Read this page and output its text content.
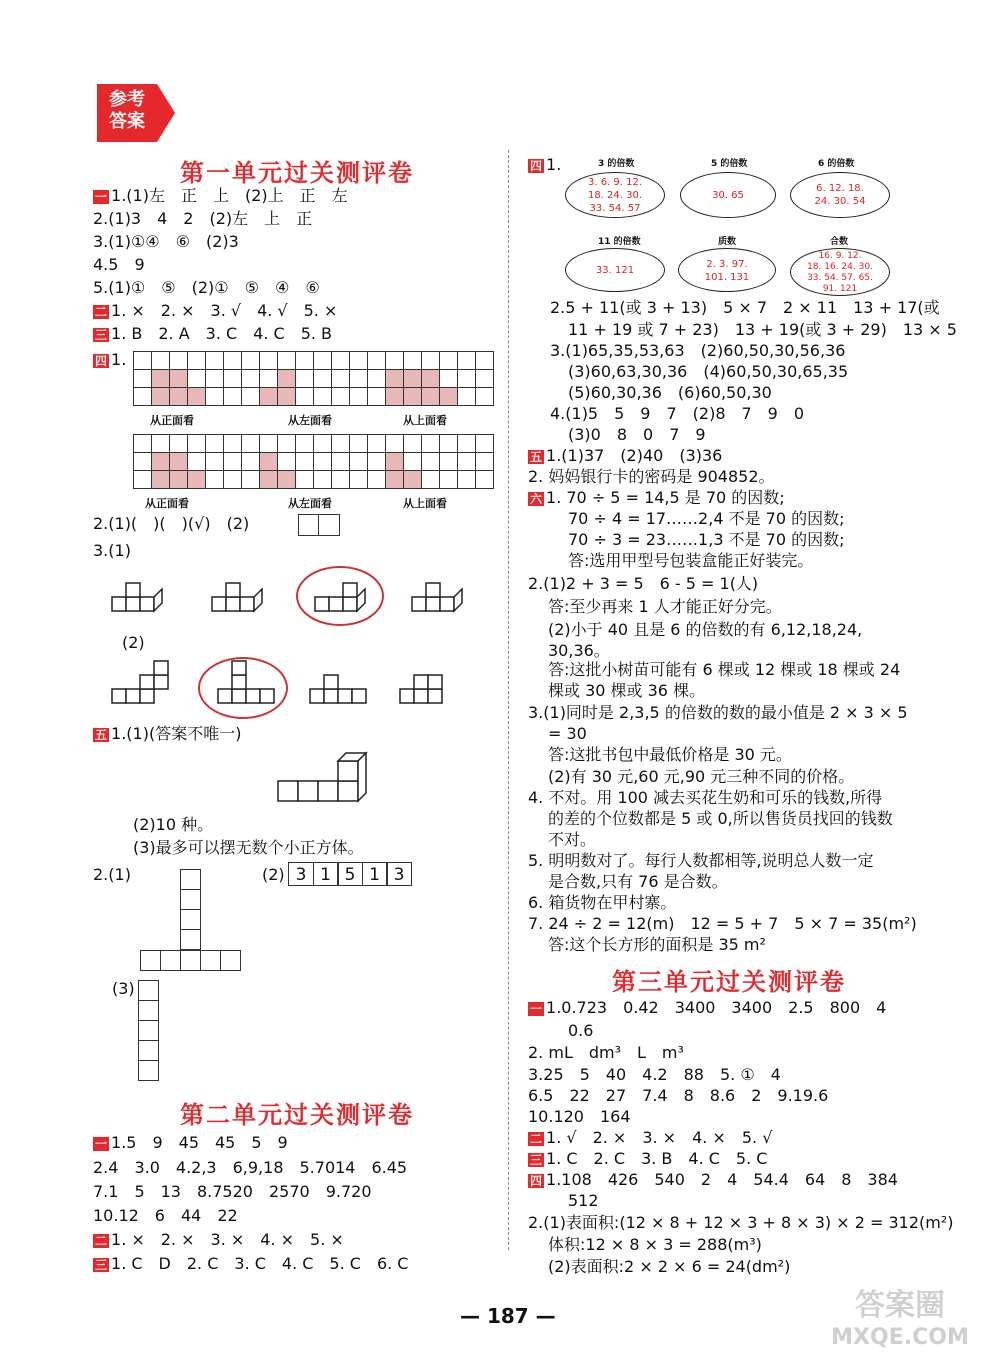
参考
答案
第一单元过关测评卷
一 1.(1)左　正　上　(2)上　正　左
2.(1)3　4　2　(2)左　上　正
3.(1)①④　⑥　(2)3
4.5　9
5.(1)①　⑤　(2)①　⑤　④　⑥
二 1. ×　2. ×　3. √　4. √　5. ×
三 1. B　2. A　3. C　4. C　5. B
四 1.

从正面看	从左面看	从上面看

从正面看	从左面看	从上面看
2.(1)(　)(　)(√)　(2)
3.(1)
(2)
五 1.(1)(答案不唯一)
(2)10 种。
(3)最多可以摆无数个小正方体。
2.(1)	(2) 3 1 5 1 3
(3)
第二单元过关测评卷
一 1.5　9　45　45　5　9
2.4　3.0　4.2,3　6,9,18　5.7014　6.45
7.1　5　13　8.7520　2570　9.720
10.12　6　44　22
二 1. ×　2. ×　3. ×　4. ×　5. ×
三 1. C　D　2. C　3. C　4. C　5. C　6. C
四 1.	3 的倍数
3. 6. 9. 12.
18. 24. 30.
33. 54. 57
5 的倍数
30. 65
6 的倍数
6. 12. 18.
24. 30. 54
11 的倍数
33. 121
质数
2. 3. 97.
101. 131
合数
16. 9. 12.
18. 16. 24. 30.
33. 54. 57. 65.
91. 121
2.5 + 11(或 3 + 13)　5 × 7　2 × 11　13 + 17(或
11 + 19 或 7 + 23)　13 + 19(或 3 + 29)　13 × 5
3.(1)65,35,53,63　(2)60,50,30,56,36
(3)60,63,30,36　(4)60,50,30,65,35
(5)60,30,36　(6)60,50,30
4.(1)5　5　9　7　(2)8　7　9　0
(3)0　8　0　7　9
五 1.(1)37　(2)40　(3)36
2. 妈妈银行卡的密码是 904852。
六 1. 70 ÷ 5 = 14,5 是 70 的因数;
70 ÷ 4 = 17……2,4 不是 70 的因数;
70 ÷ 3 = 23……1,3 不是 70 的因数;
答:选用甲型号包装盒能正好装完。
2.(1)2 + 3 = 5　6 - 5 = 1(人)
答:至少再来 1 人才能正好分完。
(2)小于 40 且是 6 的倍数的有 6,12,18,24,
30,36。
答:这批小树苗可能有 6 棵或 12 棵或 18 棵或 24
棵或 30 棵或 36 棵。
3.(1)同时是 2,3,5 的倍数的数的最小值是 2 × 3 × 5
= 30
答:这批书包中最低价格是 30 元。
(2)有 30 元,60 元,90 元三种不同的价格。
4. 不对。用 100 减去买花生奶和可乐的钱数,所得
的差的个位数都是 5 或 0,所以售货员找回的钱数
不对。
5. 明明数对了。每行人数都相等,说明总人数一定
是合数,只有 76 是合数。
6. 箱货物在甲村寨。
7. 24 ÷ 2 = 12(m)　12 = 5 + 7　5 × 7 = 35(m²)
答:这个长方形的面积是 35 m²
第三单元过关测评卷
一 1.0.723　0.42　3400　3400　2.5　800　4
0.6
2. mL　dm³　L　m³
3.25　5　40　4.2　88　5. ①　4
6.5　22　27　7.4　8　8.6　2　9.19.6
10.120　164
二 1. √　2. ×　3. ×　4. ×　5. √
三 1. C　2. C　3. B　4. C　5. C
四 1.108　426　540　2　4　54.4　64　8　384
512
2.(1)表面积:(12 × 8 + 12 × 3 + 8 × 3) × 2 = 312(m²)
体积:12 × 8 × 3 = 288(m³)
(2)表面积:2 × 2 × 6 = 24(dm²)
— 187 —	答案圈
MXQE.COM
